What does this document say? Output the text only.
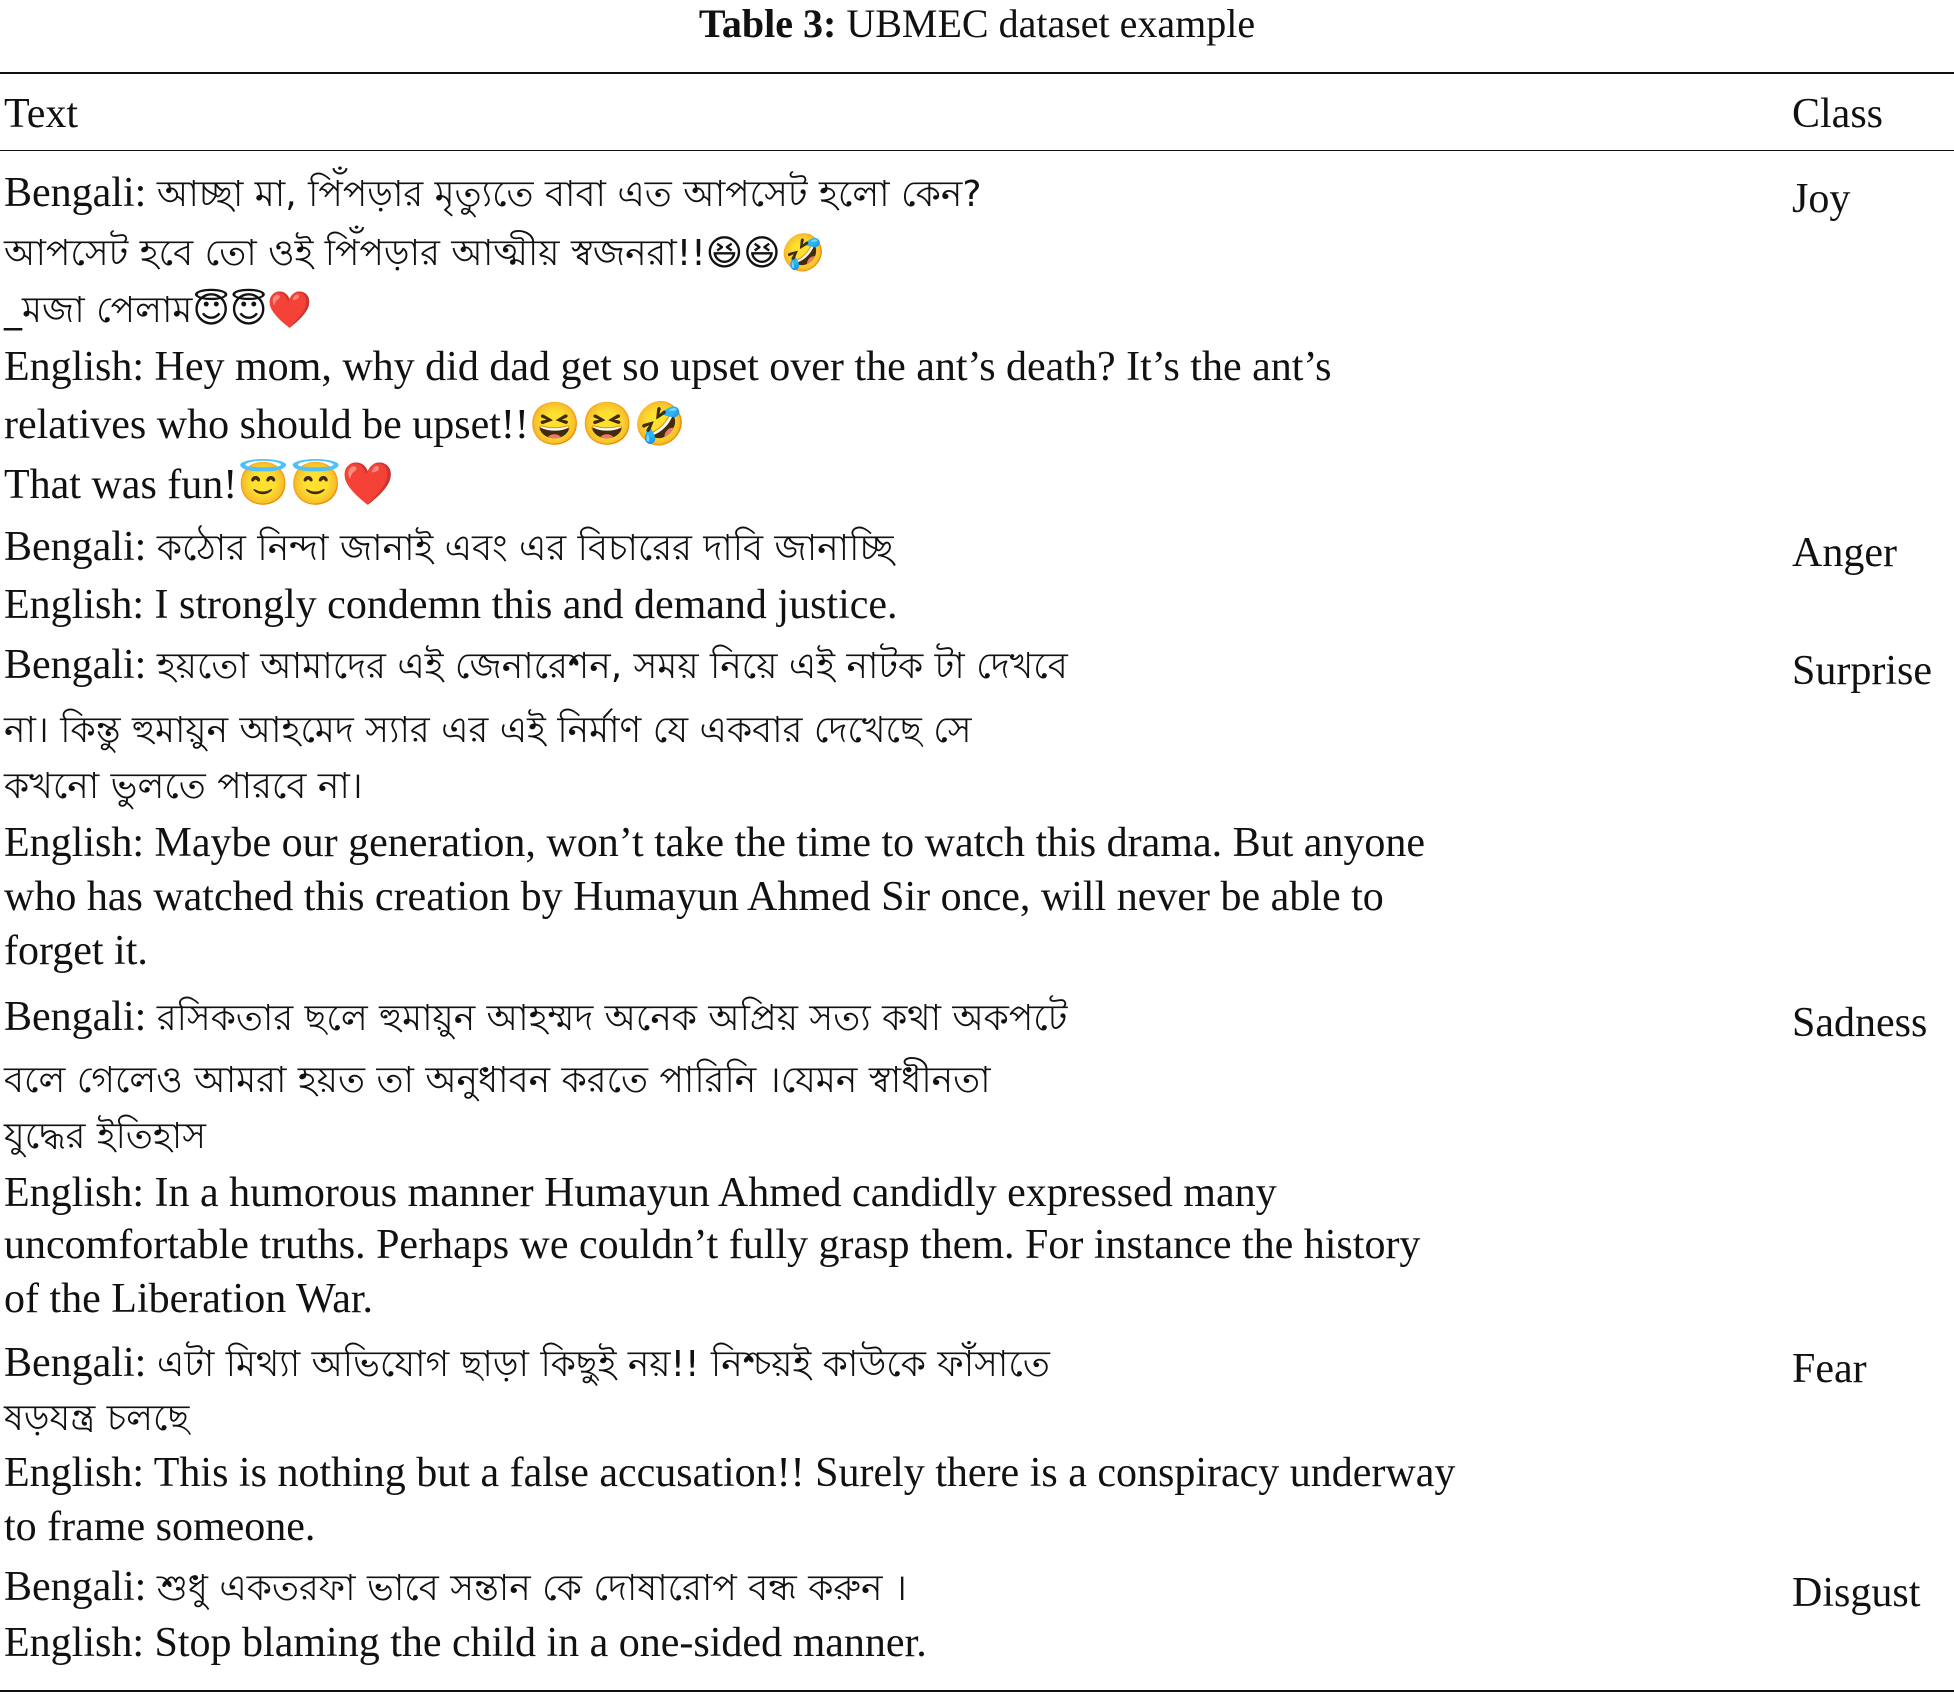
Table 3: UBMEC dataset example
Text	Class
Joy
Bengali: আচ্ছা মা, পিঁপড়ার মৃত্যুতে বাবা এত আপসেট হলো কেন?
আপসেট হবে তো ওই পিঁপড়ার আত্মীয় স্বজনরা!!😆😆🤣
_মজা পেলাম😇😇❤️
English: Hey mom, why did dad get so upset over the ant’s death? It’s the ant’s
relatives who should be upset!!😆😆🤣
That was fun!😇😇❤️
Anger
Bengali: কঠোর নিন্দা জানাই এবং এর বিচারের দাবি জানাচ্ছি
English: I strongly condemn this and demand justice.
Surprise
Bengali: হয়তো আমাদের এই জেনারেশন, সময় নিয়ে এই নাটক টা দেখবে
না। কিন্তু হুমায়ুন আহমেদ স্যার এর এই নির্মাণ যে একবার দেখেছে সে
কখনো ভুলতে পারবে না।
English: Maybe our generation, won’t take the time to watch this drama. But anyone
who has watched this creation by Humayun Ahmed Sir once, will never be able to
forget it.
Sadness
Bengali: রসিকতার ছলে হুমায়ুন আহম্মদ অনেক অপ্রিয় সত্য কথা অকপটে
বলে গেলেও আমরা হয়ত তা অনুধাবন করতে পারিনি ।যেমন স্বাধীনতা
যুদ্ধের ইতিহাস
English: In a humorous manner Humayun Ahmed candidly expressed many
uncomfortable truths. Perhaps we couldn’t fully grasp them. For instance the history
of the Liberation War.
Fear
Bengali: এটা মিথ্যা অভিযোগ ছাড়া কিছুই নয়!! নিশ্চয়ই কাউকে ফাঁসাতে
ষড়যন্ত্র চলছে
English: This is nothing but a false accusation!! Surely there is a conspiracy underway
to frame someone.
Disgust
Bengali: শুধু একতরফা ভাবে সন্তান কে দোষারোপ বন্ধ করুন ।
English: Stop blaming the child in a one-sided manner.
